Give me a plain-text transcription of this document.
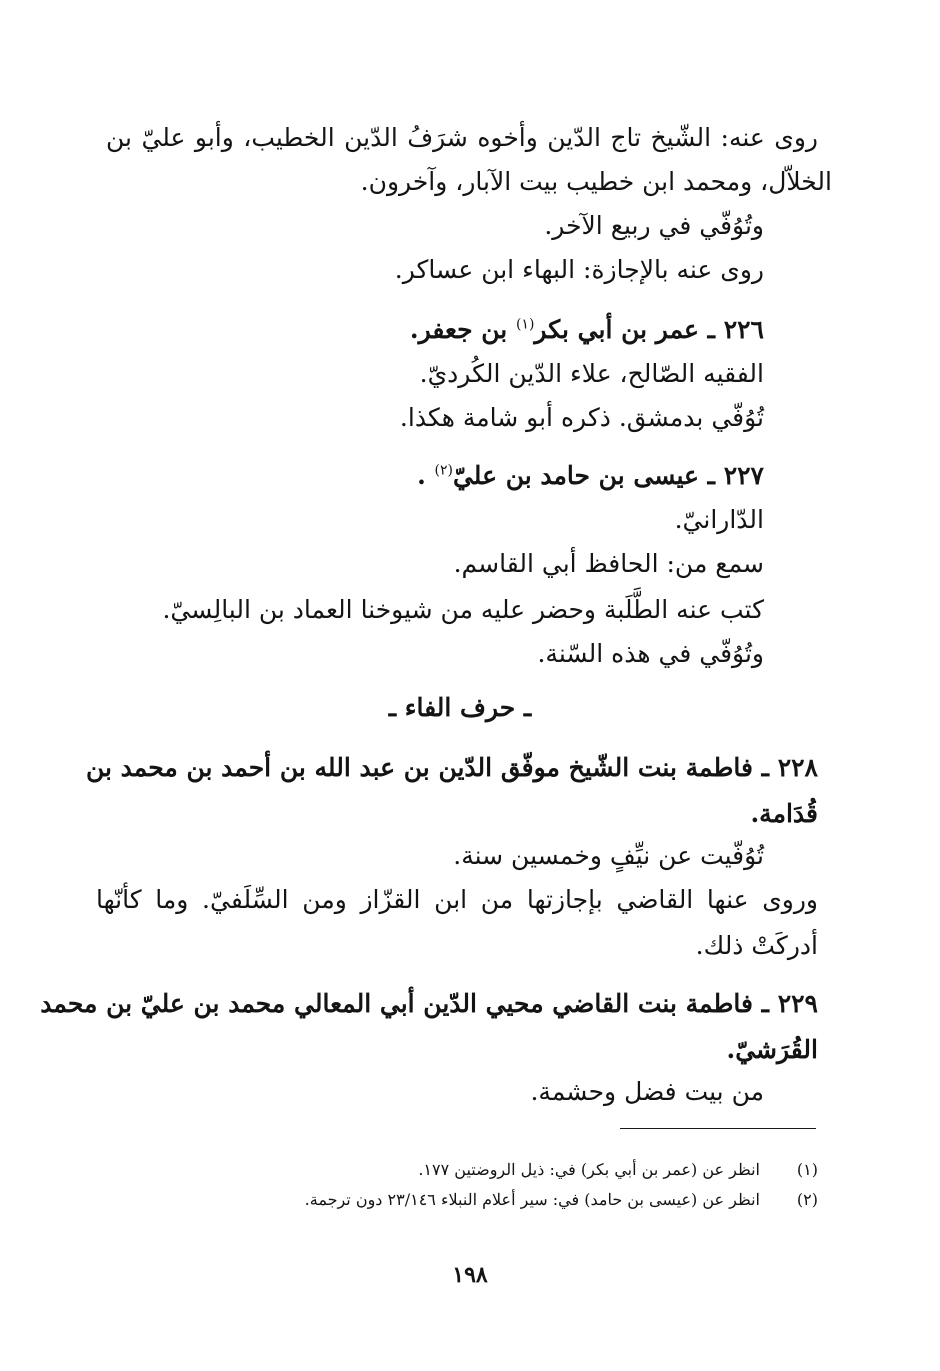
روى عنه: الشّيخ تاج الدّين وأخوه شرَفُ الدّين الخطيب، وأبو عليّ بن
الخلاّل، ومحمد ابن خطيب بيت الآبار، وآخرون.
وتُوُفّي في ربيع الآخر.
روى عنه بالإجازة: البهاء ابن عساكر.
٢٢٦ ـ عمر بن أبي بكر$^{(١)}$ بن جعفر.
الفقيه الصّالح، علاء الدّين الكُرديّ.
تُوُفّي بدمشق. ذكره أبو شامة هكذا.
٢٢٧ ـ عيسى بن حامد بن عليّ$^{(٢)}$ .
الدّارانيّ.
سمع من: الحافظ أبي القاسم.
كتب عنه الطَّلَبة وحضر عليه من شيوخنا العماد بن البالِسيّ.
وتُوُفّي في هذه السّنة.
ـ حرف الفاء ـ
٢٢٨ ـ فاطمة بنت الشّيخ موفّق الدّين بن عبد الله بن أحمد بن محمد بن
قُدَامة.
تُوُفّيت عن نيِّفٍ وخمسين سنة.
وروى عنها القاضي بإجازتها من ابن القزّاز ومن السِّلَفيّ. وما كأنّها
أدركَتْ ذلك.
٢٢٩ ـ فاطمة بنت القاضي محيي الدّين أبي المعالي محمد بن عليّ بن محمد
القُرَشيّ.
من بيت فضل وحشمة.
(١)
انظر عن (عمر بن أبي بكر) في: ذيل الروضتين ١٧٧.
(٢)
انظر عن (عيسى بن حامد) في: سير أعلام النبلاء ٢٣/١٤٦ دون ترجمة.
١٩٨
